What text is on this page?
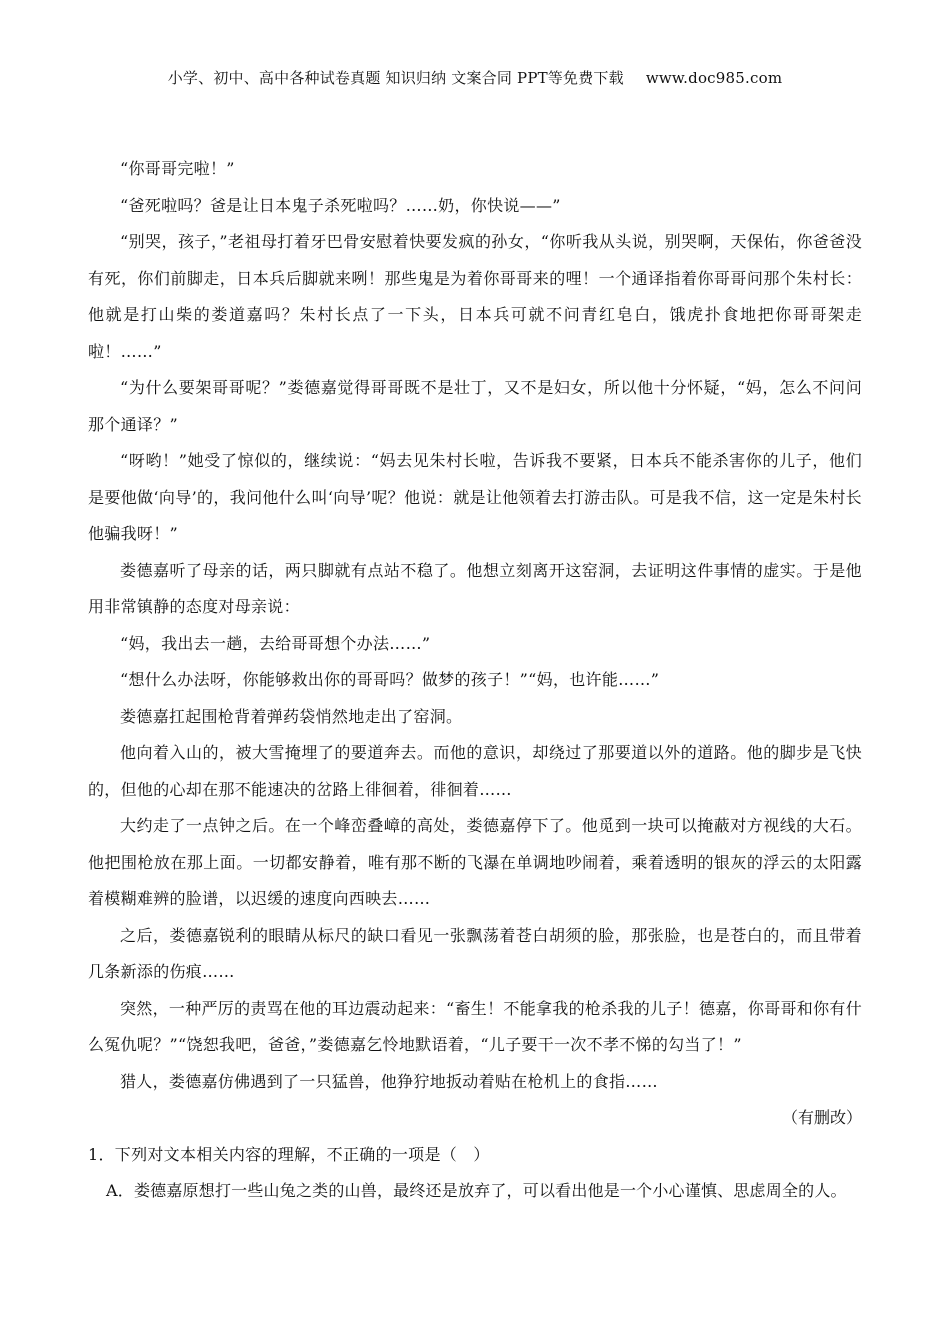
小学、初中、高中各种试卷真题 知识归纳 文案合同 PPT等免费下载 www.doc985.com

“你哥哥完啦！”

“爸死啦吗？爸是让日本鬼子杀死啦吗？……奶，你快说——”

“别哭，孩子，”老祖母打着牙巴骨安慰着快要发疯的孙女，“你听我从头说，别哭啊，天保佑，你爸爸没有死，你们前脚走，日本兵后脚就来咧！那些鬼是为着你哥哥来的哩！一个通译指着你哥哥问那个朱村长：他就是打山柴的娄道嘉吗？朱村长点了一下头，日本兵可就不问青红皂白，饿虎扑食地把你哥哥架走啦！……”

“为什么要架哥哥呢？”娄德嘉觉得哥哥既不是壮丁，又不是妇女，所以他十分怀疑，“妈，怎么不问问那个通译？”

“呀哟！”她受了惊似的，继续说：“妈去见朱村长啦，告诉我不要紧，日本兵不能杀害你的儿子，他们是要他做‘向导’的，我问他什么叫‘向导’呢？他说：就是让他领着去打游击队。可是我不信，这一定是朱村长他骗我呀！”

娄德嘉听了母亲的话，两只脚就有点站不稳了。他想立刻离开这窑洞，去证明这件事情的虚实。于是他用非常镇静的态度对母亲说：

“妈，我出去一趟，去给哥哥想个办法……”

“想什么办法呀，你能够救出你的哥哥吗？做梦的孩子！”“妈，也许能……”

娄德嘉扛起围枪背着弹药袋悄然地走出了窑洞。

他向着入山的，被大雪掩埋了的要道奔去。而他的意识，却绕过了那要道以外的道路。他的脚步是飞快的，但他的心却在那不能速决的岔路上徘徊着，徘徊着……

大约走了一点钟之后。在一个峰峦叠嶂的高处，娄德嘉停下了。他觅到一块可以掩蔽对方视线的大石。他把围枪放在那上面。一切都安静着，唯有那不断的飞瀑在单调地吵闹着，乘着透明的银灰的浮云的太阳露着模糊难辨的脸谱，以迟缓的速度向西映去……

之后，娄德嘉锐利的眼睛从标尺的缺口看见一张飘荡着苍白胡须的脸，那张脸，也是苍白的，而且带着几条新添的伤痕……

突然，一种严厉的责骂在他的耳边震动起来：“畜生！不能拿我的枪杀我的儿子！德嘉，你哥哥和你有什么冤仇呢？”“饶恕我吧，爸爸，”娄德嘉乞怜地默语着，“儿子要干一次不孝不悌的勾当了！”

猎人，娄德嘉仿佛遇到了一只猛兽，他狰狞地扳动着贴在枪机上的食指……

（有删改）

1．下列对文本相关内容的理解，不正确的一项是（　）

A．娄德嘉原想打一些山兔之类的山兽，最终还是放弃了，可以看出他是一个小心谨慎、思虑周全的人。
